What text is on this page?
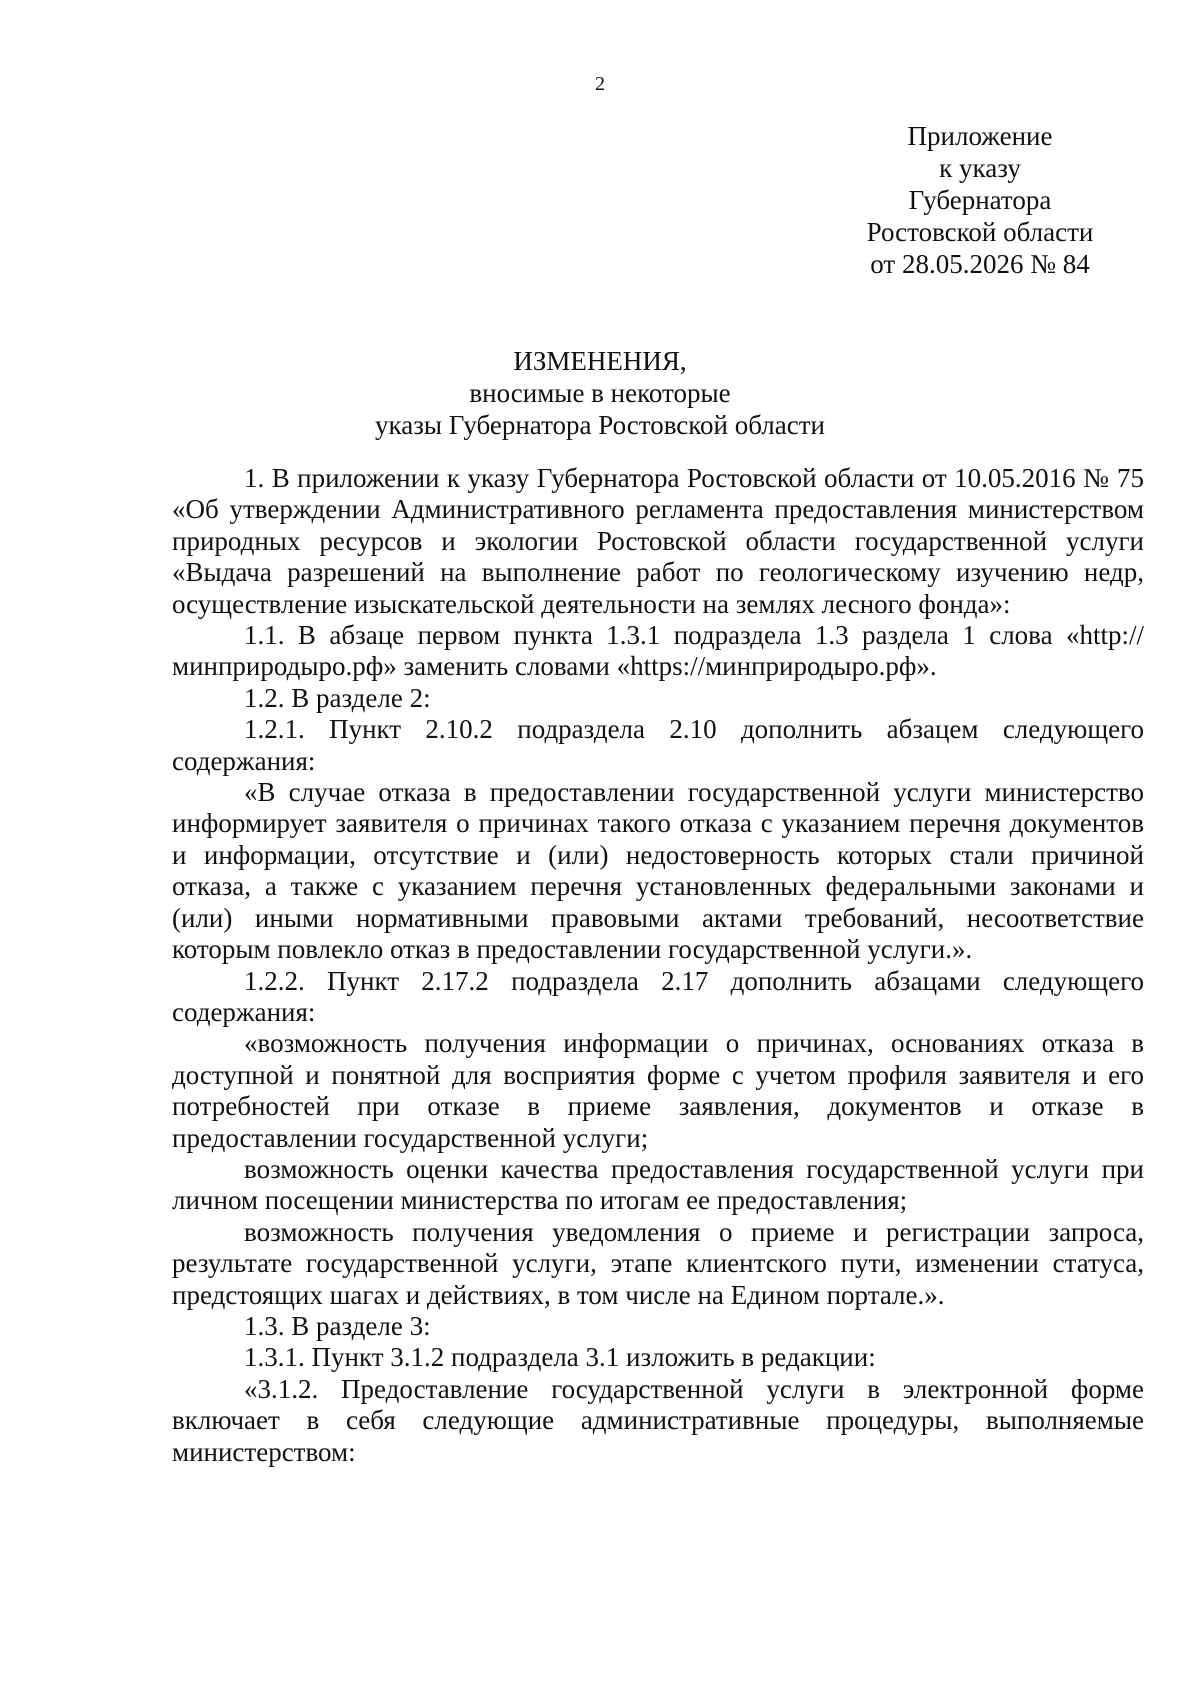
2
Приложение
к указу
Губернатора
Ростовской области
от 28.05.2026 № 84
ИЗМЕНЕНИЯ,
вносимые в некоторые
указы Губернатора Ростовской области

1. В приложении к указу Губернатора Ростовской области от 10.05.2016 № 75 «Об утверждении Административного регламента предоставления министерством природных ресурсов и экологии Ростовской области государственной услуги «Выдача разрешений на выполнение работ по геологическому изучению недр, осуществление изыскательской деятельности на землях лесного фонда»:

1.1. В абзаце первом пункта 1.3.1 подраздела 1.3 раздела 1 слова «http://минприродыро.рф» заменить словами «https://минприродыро.рф».

1.2. В разделе 2:

1.2.1. Пункт 2.10.2 подраздела 2.10 дополнить абзацем следующего содержания:

«В случае отказа в предоставлении государственной услуги министерство информирует заявителя о причинах такого отказа с указанием перечня документов и информации, отсутствие и (или) недостоверность которых стали причиной отказа, а также с указанием перечня установленных федеральными законами и (или) иными нормативными правовыми актами требований, несоответствие которым повлекло отказ в предоставлении государственной услуги.».

1.2.2. Пункт 2.17.2 подраздела 2.17 дополнить абзацами следующего содержания:

«возможность получения информации о причинах, основаниях отказа в доступной и понятной для восприятия форме с учетом профиля заявителя и его потребностей при отказе в приеме заявления, документов и отказе в предоставлении государственной услуги;

возможность оценки качества предоставления государственной услуги при личном посещении министерства по итогам ее предоставления;

возможность получения уведомления о приеме и регистрации запроса, результате государственной услуги, этапе клиентского пути, изменении статуса, предстоящих шагах и действиях, в том числе на Едином портале.».

1.3. В разделе 3:

1.3.1. Пункт 3.1.2 подраздела 3.1 изложить в редакции:

«3.1.2. Предоставление государственной услуги в электронной форме включает в себя следующие административные процедуры, выполняемые министерством:
